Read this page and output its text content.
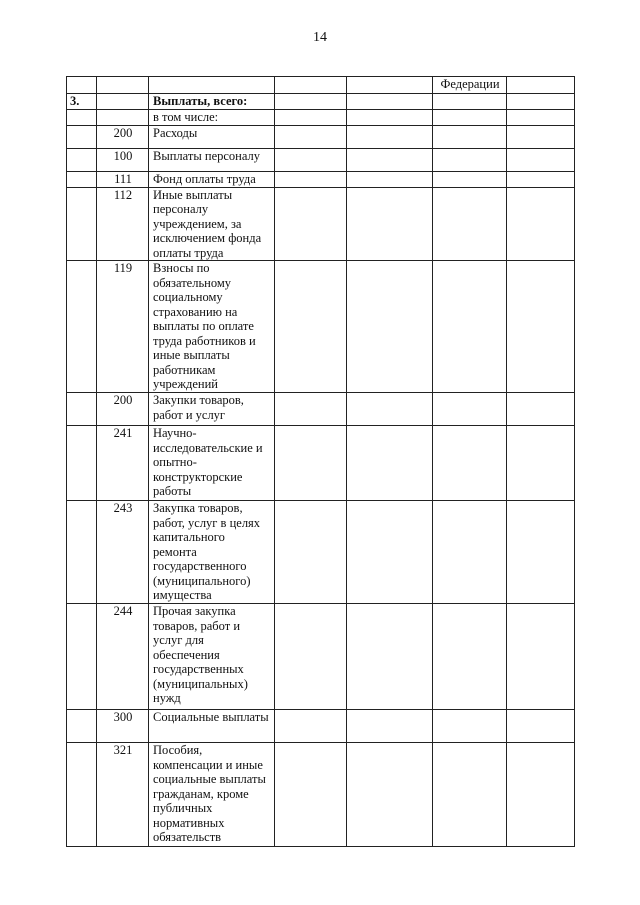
14
					Федерации	
3.		Выплаты, всего:				
		в том числе:				
	200	Расходы				
	100	Выплаты персоналу				
	111	Фонд оплаты труда				
	112	Иные выплаты персоналу учреждением, за исключением фонда оплаты труда				
	119	Взносы по обязательному социальному страхованию на выплаты по оплате труда работников и иные выплаты работникам учреждений				
	200	Закупки товаров, работ и услуг				
	241	Научно-исследовательские и опытно-конструкторские работы				
	243	Закупка товаров, работ, услуг в целях капитального ремонта государственного (муниципального) имущества				
	244	Прочая закупка товаров, работ и услуг для обеспечения государственных (муниципальных) нужд				
	300	Социальные выплаты				
	321	Пособия, компенсации и иные социальные выплаты гражданам, кроме публичных нормативных обязательств				
